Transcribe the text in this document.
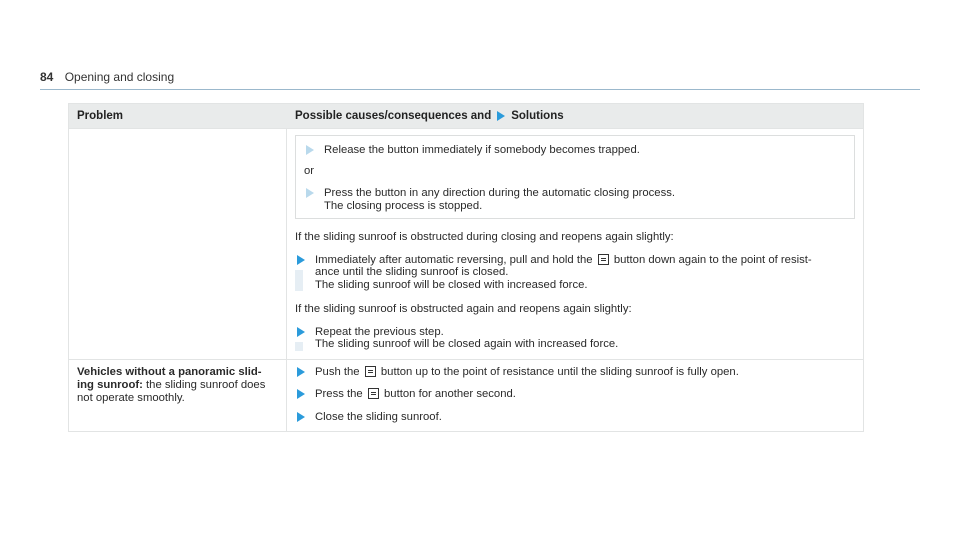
84 Opening and closing
Problem	Possible causes/consequences and Solutions
Release the button immediately if somebody becomes trapped.
or
Press the button in any direction during the automatic closing process.
The closing process is stopped.
If the sliding sunroof is obstructed during closing and reopens again slightly:
Immediately after automatic reversing, pull and hold the button down again to the point of resist-
ance until the sliding sunroof is closed.
The sliding sunroof will be closed with increased force.
If the sliding sunroof is obstructed again and reopens again slightly:
Repeat the previous step.
The sliding sunroof will be closed again with increased force.
Vehicles without a panoramic slid-ing sunroof: the sliding sunroof does not operate smoothly.
Push the button up to the point of resistance until the sliding sunroof is fully open.
Press the button for another second.
Close the sliding sunroof.
